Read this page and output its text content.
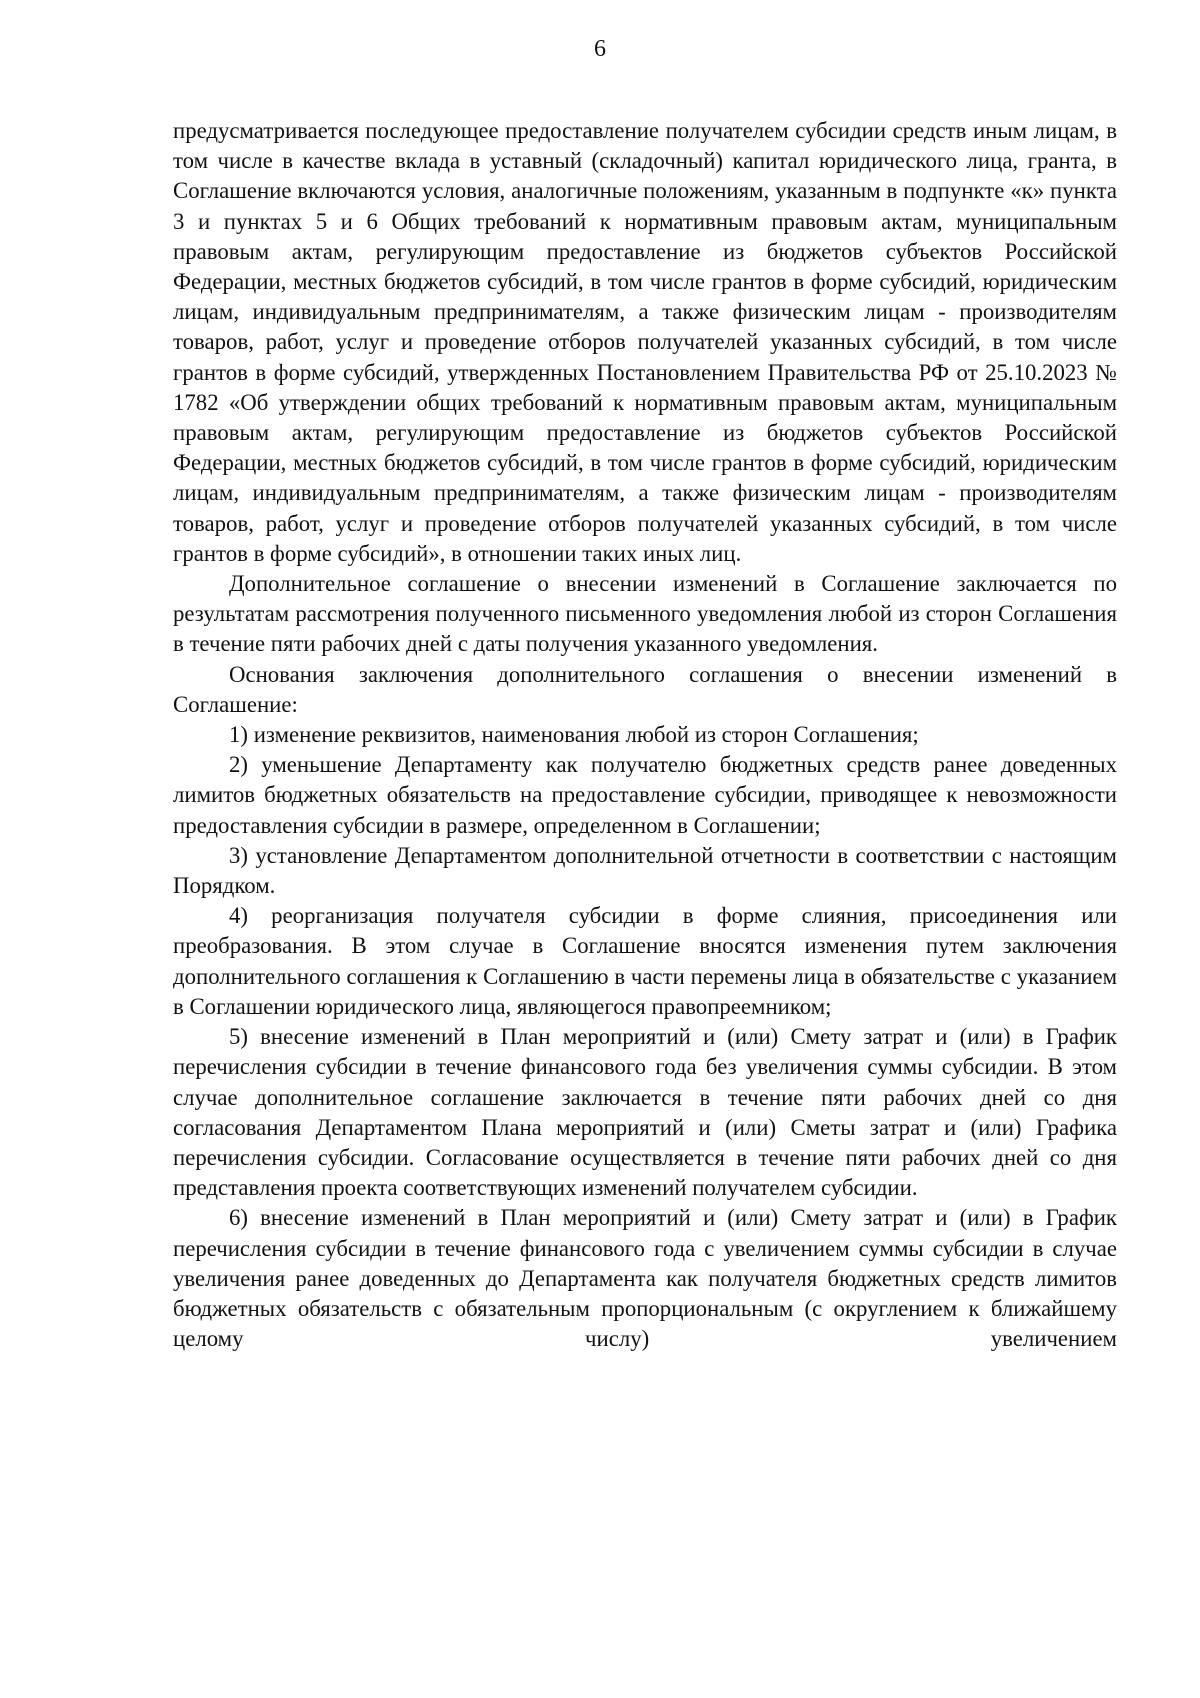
6

предусматривается последующее предоставление получателем субсидии средств иным лицам, в том числе в качестве вклада в уставный (складочный) капитал юридического лица, гранта, в Соглашение включаются условия, аналогичные положениям, указанным в подпункте «к» пункта 3 и пунктах 5 и 6 Общих требований к нормативным правовым актам, муниципальным правовым актам, регулирующим предоставление из бюджетов субъектов Российской Федерации, местных бюджетов субсидий, в том числе грантов в форме субсидий, юридическим лицам, индивидуальным предпринимателям, а также физическим лицам - производителям товаров, работ, услуг и проведение отборов получателей указанных субсидий, в том числе грантов в форме субсидий, утвержденных Постановлением Правительства РФ от 25.10.2023 № 1782 «Об утверждении общих требований к нормативным правовым актам, муниципальным правовым актам, регулирующим предоставление из бюджетов субъектов Российской Федерации, местных бюджетов субсидий, в том числе грантов в форме субсидий, юридическим лицам, индивидуальным предпринимателям, а также физическим лицам - производителям товаров, работ, услуг и проведение отборов получателей указанных субсидий, в том числе грантов в форме субсидий», в отношении таких иных лиц.

Дополнительное соглашение о внесении изменений в Соглашение заключается по результатам рассмотрения полученного письменного уведомления любой из сторон Соглашения в течение пяти рабочих дней с даты получения указанного уведомления.

Основания заключения дополнительного соглашения о внесении изменений в Соглашение:

1) изменение реквизитов, наименования любой из сторон Соглашения;

2) уменьшение Департаменту как получателю бюджетных средств ранее доведенных лимитов бюджетных обязательств на предоставление субсидии, приводящее к невозможности предоставления субсидии в размере, определенном в Соглашении;

3) установление Департаментом дополнительной отчетности в соответствии с настоящим Порядком.

4) реорганизация получателя субсидии в форме слияния, присоединения или преобразования. В этом случае в Соглашение вносятся изменения путем заключения дополнительного соглашения к Соглашению в части перемены лица в обязательстве с указанием в Соглашении юридического лица, являющегося правопреемником;

5) внесение изменений в План мероприятий и (или) Смету затрат и (или) в График перечисления субсидии в течение финансового года без увеличения суммы субсидии. В этом случае дополнительное соглашение заключается в течение пяти рабочих дней со дня согласования Департаментом Плана мероприятий и (или) Сметы затрат и (или) Графика перечисления субсидии. Согласование осуществляется в течение пяти рабочих дней со дня представления проекта соответствующих изменений получателем субсидии.

6) внесение изменений в План мероприятий и (или) Смету затрат и (или) в График перечисления субсидии в течение финансового года с увеличением суммы субсидии в случае увеличения ранее доведенных до Департамента как получателя бюджетных средств лимитов бюджетных обязательств с обязательным пропорциональным (с округлением к ближайшему целому числу) увеличением
